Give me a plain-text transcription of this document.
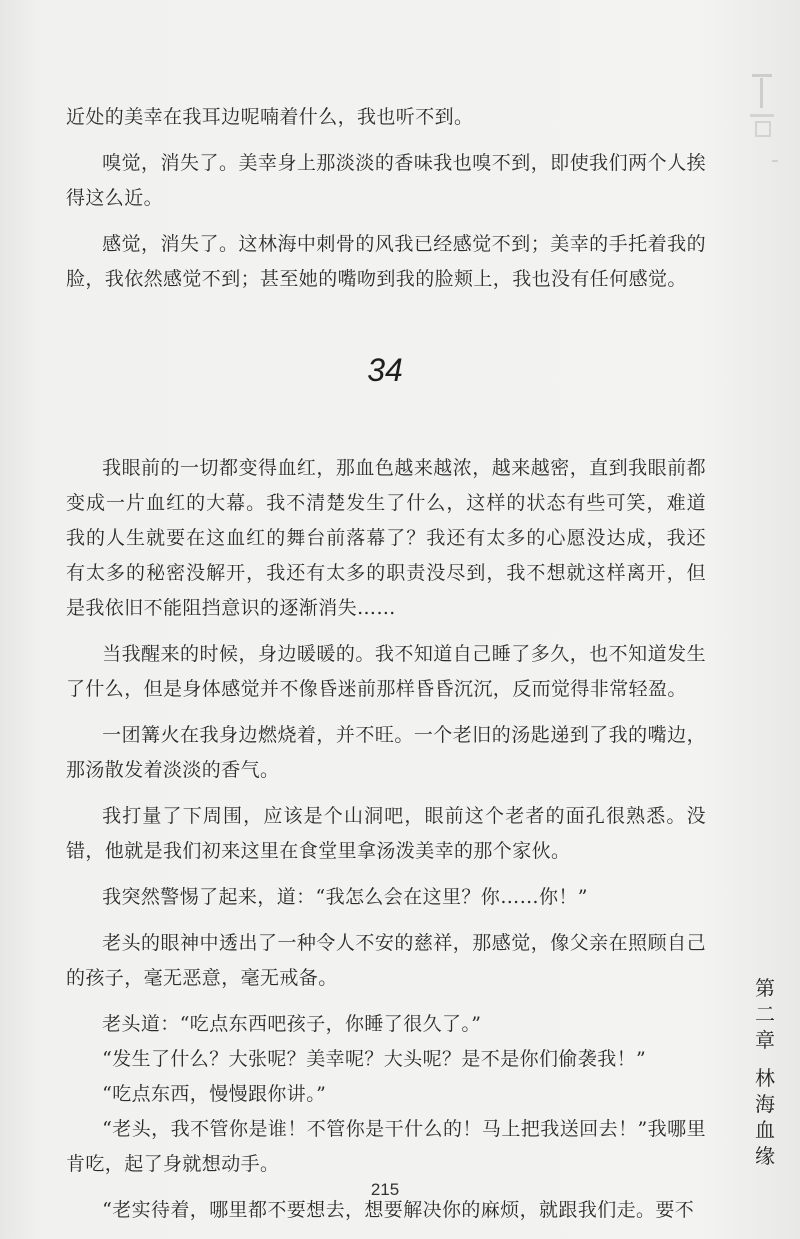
近处的美幸在我耳边呢喃着什么，我也听不到。

嗅觉，消失了。美幸身上那淡淡的香味我也嗅不到，即使我们两个人挨得这么近。

感觉，消失了。这林海中刺骨的风我已经感觉不到；美幸的手托着我的脸，我依然感觉不到；甚至她的嘴吻到我的脸颊上，我也没有任何感觉。

34

我眼前的一切都变得血红，那血色越来越浓，越来越密，直到我眼前都变成一片血红的大幕。我不清楚发生了什么，这样的状态有些可笑，难道我的人生就要在这血红的舞台前落幕了？我还有太多的心愿没达成，我还有太多的秘密没解开，我还有太多的职责没尽到，我不想就这样离开，但是我依旧不能阻挡意识的逐渐消失……

当我醒来的时候，身边暖暖的。我不知道自己睡了多久，也不知道发生了什么，但是身体感觉并不像昏迷前那样昏昏沉沉，反而觉得非常轻盈。

一团篝火在我身边燃烧着，并不旺。一个老旧的汤匙递到了我的嘴边，那汤散发着淡淡的香气。

我打量了下周围，应该是个山洞吧，眼前这个老者的面孔很熟悉。没错，他就是我们初来这里在食堂里拿汤泼美幸的那个家伙。

我突然警惕了起来，道：“我怎么会在这里？你……你！”

老头的眼神中透出了一种令人不安的慈祥，那感觉，像父亲在照顾自己的孩子，毫无恶意，毫无戒备。

老头道：“吃点东西吧孩子，你睡了很久了。”

“发生了什么？大张呢？美幸呢？大头呢？是不是你们偷袭我！”

“吃点东西，慢慢跟你讲。”

“老头，我不管你是谁！不管你是干什么的！马上把我送回去！”我哪里肯吃，起了身就想动手。

“老实待着，哪里都不要想去，想要解决你的麻烦，就跟我们走。要不

第二章
林海血缘
215
